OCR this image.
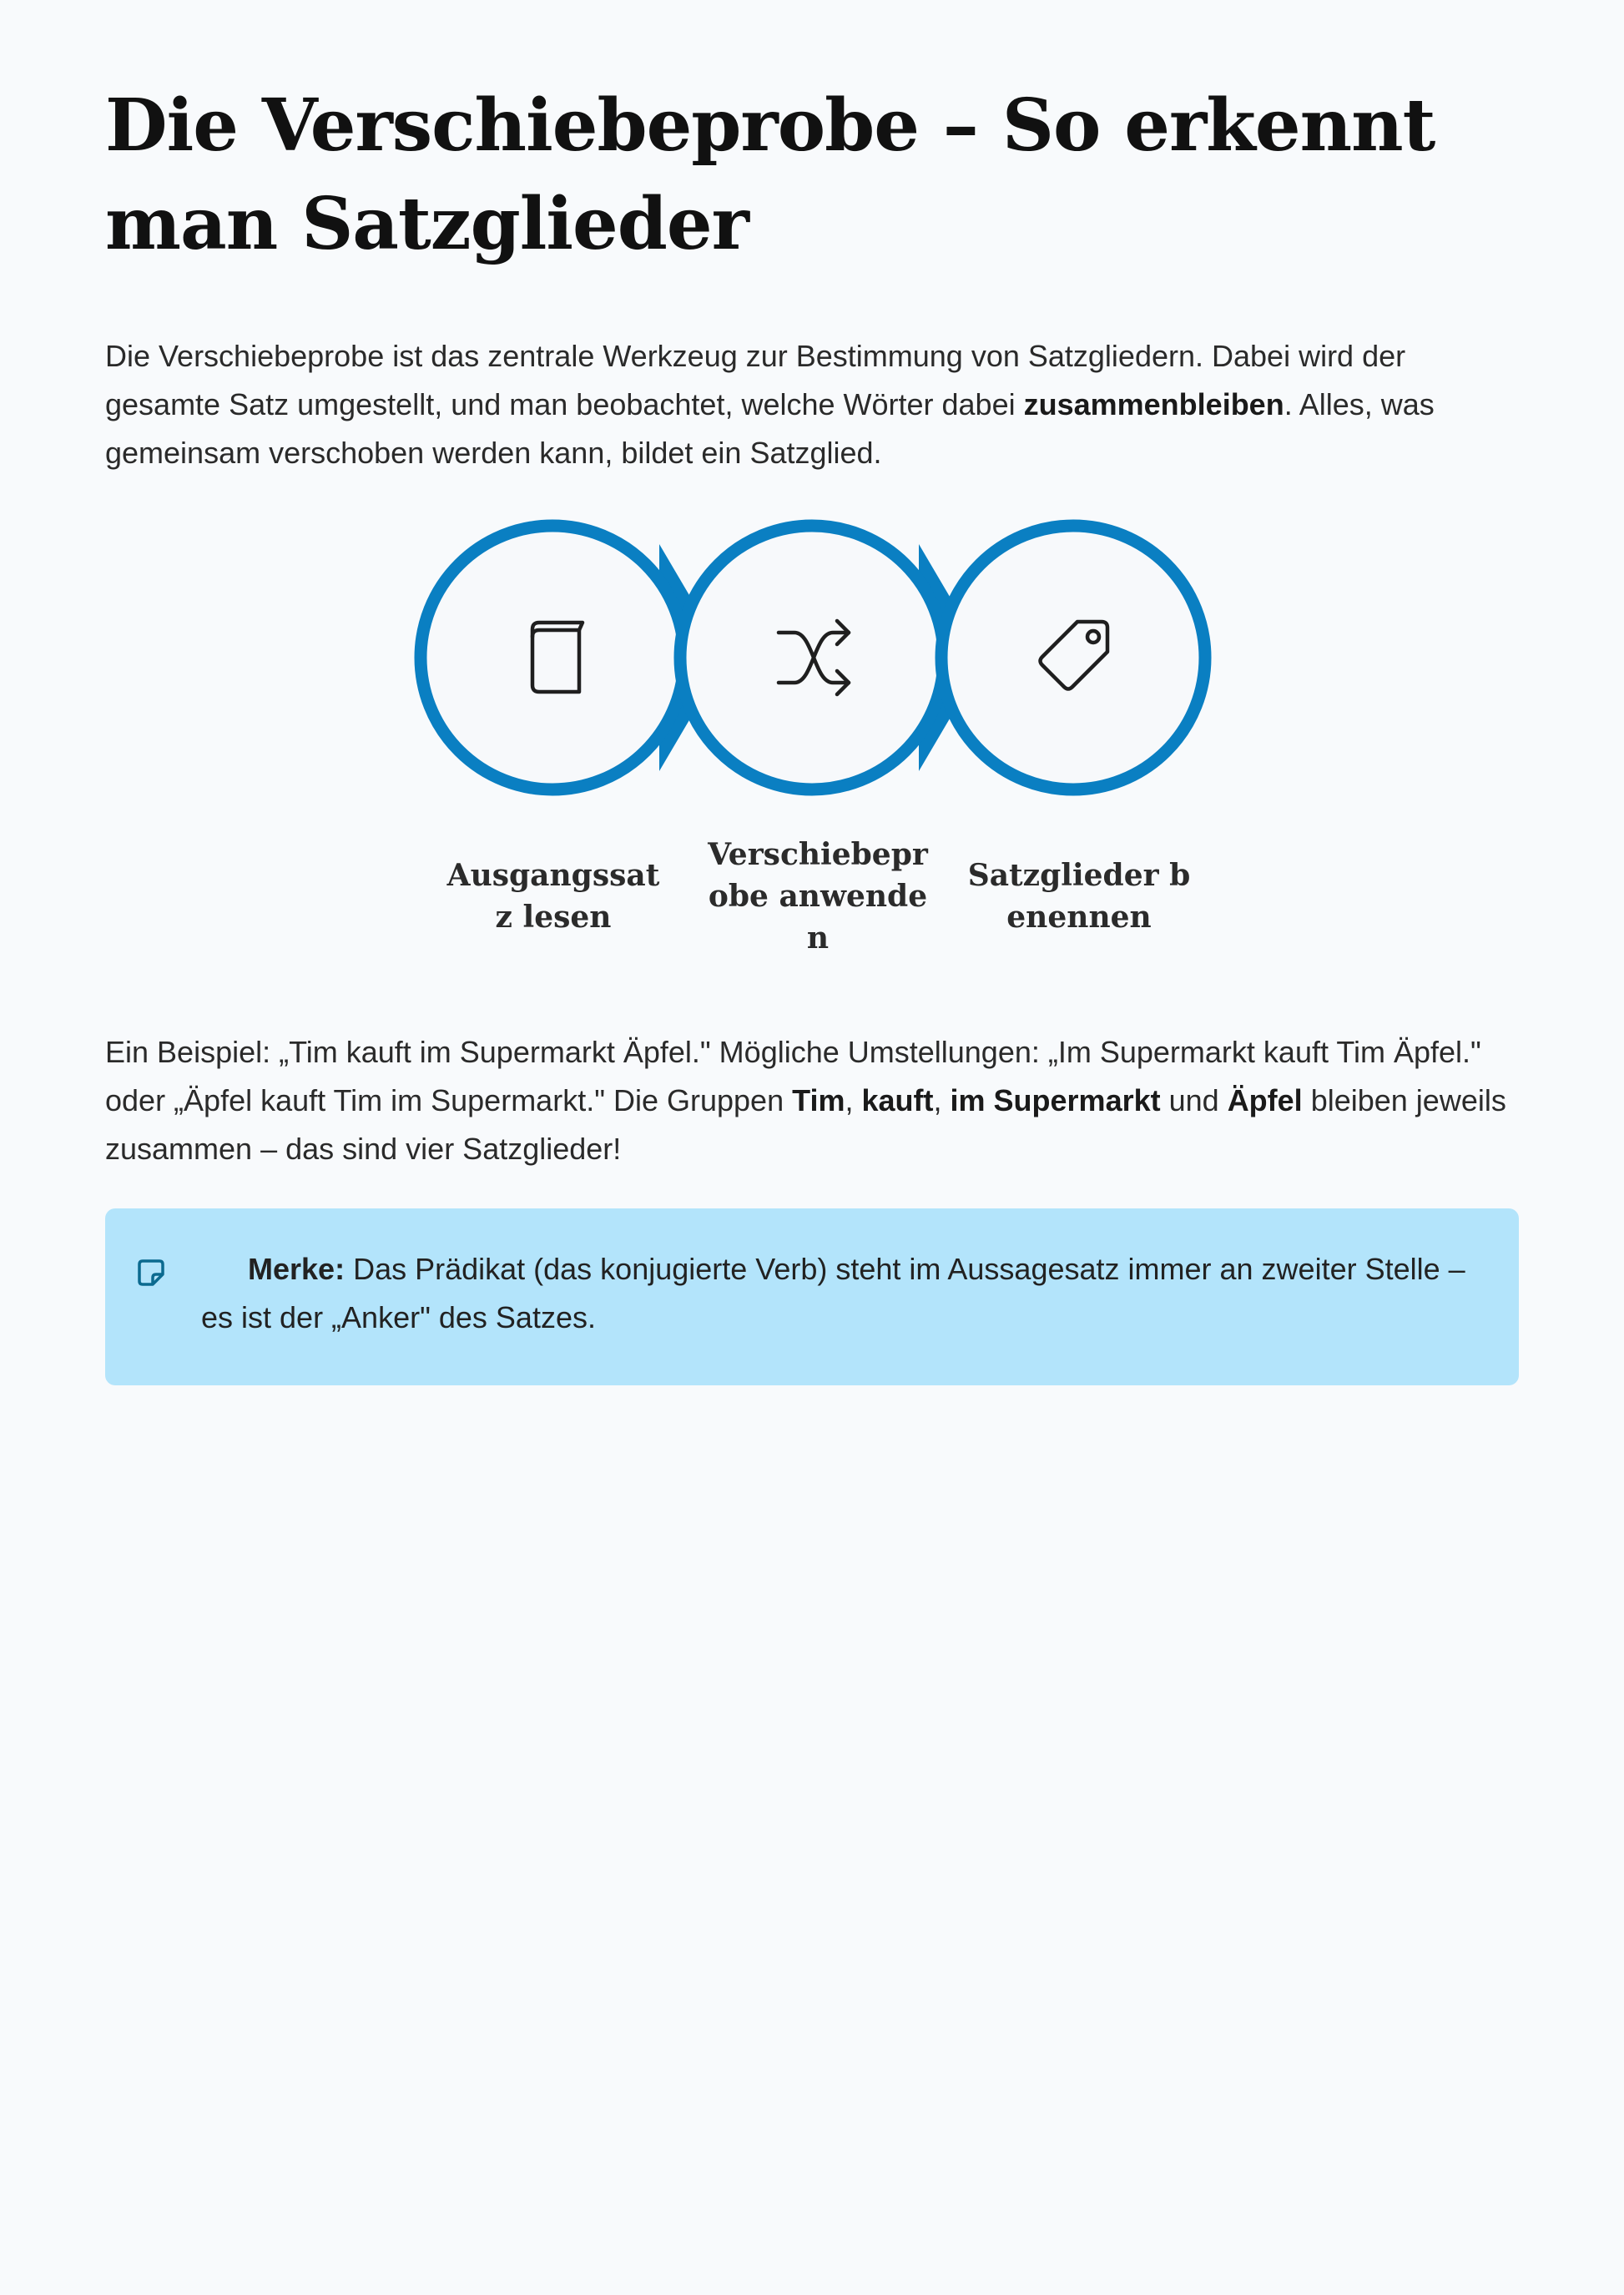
Die Verschiebeprobe – So erkennt man Satzglieder

Die Verschiebeprobe ist das zentrale Werkzeug zur Bestimmung von Satzgliedern. Dabei wird der gesamte Satz umgestellt, und man beobachtet, welche Wörter dabei zusammenbleiben. Alles, was gemeinsam verschoben werden kann, bildet ein Satzglied.

Ausgangssatz lesen
Verschiebeprobe anwenden
Satzglieder benennen

Ein Beispiel: „Tim kauft im Supermarkt Äpfel." Mögliche Umstellungen: „Im Supermarkt kauft Tim Äpfel." oder „Äpfel kauft Tim im Supermarkt." Die Gruppen Tim, kauft, im Supermarkt und Äpfel bleiben jeweils zusammen – das sind vier Satzglieder!

Merke: Das Prädikat (das konjugierte Verb) steht im Aussagesatz immer an zweiter Stelle – es ist der „Anker" des Satzes.
